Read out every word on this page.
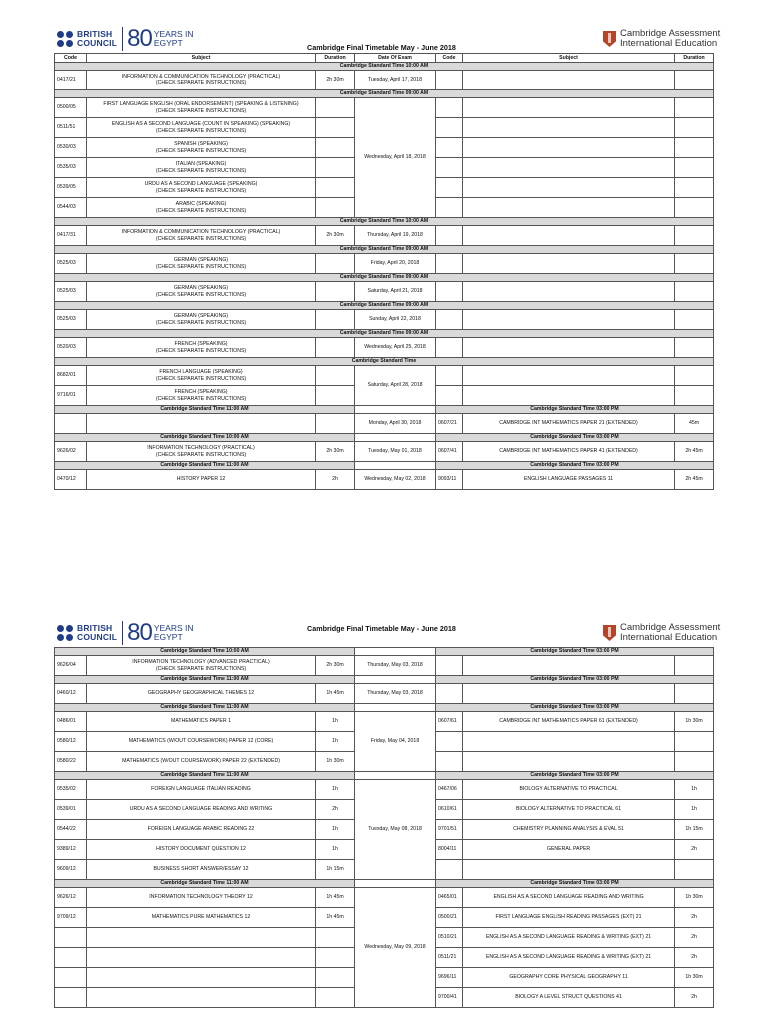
BRITISH
COUNCIL 80 YEARS IN
EGYPT	Cambridge Final Timetable May - June 2018
Cambridge Assessment
International Education
Code	Subject	Duration	Date Of Exam	Code	Subject	Duration
Cambridge Standard Time 10:00 AM						
0417/21	INFORMATION & COMMUNICATION TECHNOLOGY (PRACTICAL)
(CHECK SEPARATE INSTRUCTIONS)	2h 30m	Tuesday, April 17, 2018			
Cambridge Standard Time 09:00 AM						
0500/05	FIRST LANGUAGE ENGLISH (ORAL ENDORSEMENT) (SPEAKING & LISTENING)
(CHECK SEPARATE INSTRUCTIONS)		Wednesday, April 18, 2018			
0511/51	ENGLISH AS A SECOND LANGUAGE (COUNT IN SPEAKING) (SPEAKING)
(CHECK SEPARATE INSTRUCTIONS)					

0530/03	SPANISH (SPEAKING)
(CHECK SEPARATE INSTRUCTIONS)					

0535/03	ITALIAN (SPEAKING)
(CHECK SEPARATE INSTRUCTIONS)					

0539/05	URDU AS A SECOND LANGUAGE (SPEAKING)
(CHECK SEPARATE INSTRUCTIONS)					

0544/03	ARABIC (SPEAKING)
(CHECK SEPARATE INSTRUCTIONS)					

Cambridge Standard Time 10:00 AM						
0417/31	INFORMATION & COMMUNICATION TECHNOLOGY (PRACTICAL)
(CHECK SEPARATE INSTRUCTIONS)	2h 30m	Thursday, April 19, 2018			
Cambridge Standard Time 09:00 AM						
0525/03	GERMAN (SPEAKING)
(CHECK SEPARATE INSTRUCTIONS)		Friday, April 20, 2018			
Cambridge Standard Time 09:00 AM						
0525/03	GERMAN (SPEAKING)
(CHECK SEPARATE INSTRUCTIONS)		Saturday, April 21, 2018			
Cambridge Standard Time 09:00 AM						
0525/03	GERMAN (SPEAKING)
(CHECK SEPARATE INSTRUCTIONS)		Sunday, April 22, 2018			
Cambridge Standard Time 09:00 AM						
0520/03	FRENCH (SPEAKING)
(CHECK SEPARATE INSTRUCTIONS)		Wednesday, April 25, 2018			
Cambridge Standard Time						
8682/01	FRENCH LANGUAGE (SPEAKING)
(CHECK SEPARATE INSTRUCTIONS)		Saturday, April 28, 2018			
9716/01	FRENCH (SPEAKING)
(CHECK SEPARATE INSTRUCTIONS)					

Cambridge Standard Time 11:00 AM				Cambridge Standard Time 03:00 PM		
			Monday, April 30, 2018	0607/21	CAMBRIDGE INT MATHEMATICS PAPER 21 (EXTENDED)	45m
Cambridge Standard Time 10:00 AM				Cambridge Standard Time 03:00 PM		
9626/02	INFORMATION TECHNOLOGY (PRACTICAL)
(CHECK SEPARATE INSTRUCTIONS)	2h 30m	Tuesday, May 01, 2018	0607/41	CAMBRIDGE INT MATHEMATICS PAPER 41 (EXTENDED)	2h 45m
Cambridge Standard Time 11:00 AM				Cambridge Standard Time 03:00 PM		
0470/12	HISTORY PAPER 12	2h	Wednesday, May 02, 2018	9093/11	ENGLISH LANGUAGE PASSAGES 11	2h 45m
BRITISH
COUNCIL 80 YEARS IN
EGYPT
Cambridge Final Timetable May - June 2018	Cambridge Assessment
International Education
Cambridge Standard Time 10:00 AM				Cambridge Standard Time 03:00 PM		
9626/04	INFORMATION TECHNOLOGY (ADVANCED PRACTICAL)
(CHECK SEPARATE INSTRUCTIONS)	2h 30m	Thursday, May 03, 2018			
Cambridge Standard Time 11:00 AM				Cambridge Standard Time 03:00 PM		
0460/12	GEOGRAPHY GEOGRAPHICAL THEMES 12	1h 45m	Thursday, May 03, 2018			
Cambridge Standard Time 11:00 AM				Cambridge Standard Time 03:00 PM		
0486/01	MATHEMATICS PAPER 1	1h	Friday, May 04, 2018	0607/61	CAMBRIDGE INT MATHEMATICS PAPER 61 (EXTENDED)	1h 30m
0580/12	MATHEMATICS (W/OUT COURSEWORK) PAPER 12 (CORE)	1h				
0580/22	MATHEMATICS (W/OUT COURSEWORK) PAPER 22 (EXTENDED)	1h 30m				
Cambridge Standard Time 11:00 AM				Cambridge Standard Time 03:00 PM		
0535/02	FOREIGN LANGUAGE ITALIAN READING	1h	Tuesday, May 08, 2018	0467/06	BIOLOGY ALTERNATIVE TO PRACTICAL	1h
0539/01	URDU AS A SECOND LANGUAGE READING AND WRITING	2h		0610/61	BIOLOGY ALTERNATIVE TO PRACTICAL 61	1h
0544/22	FOREIGN LANGUAGE ARABIC READING 22	1h		9701/51	CHEMISTRY PLANNING ANALYSIS & EVAL 51	1h 15m
9389/12	HISTORY DOCUMENT QUESTION 12	1h		8004/11	GENERAL PAPER	2h
9609/12	BUSINESS SHORT ANSWER/ESSAY 12	1h 15m				
Cambridge Standard Time 11:00 AM				Cambridge Standard Time 03:00 PM		
9626/12	INFORMATION TECHNOLOGY THEORY 12	1h 45m	Wednesday, May 09, 2018	0465/01	ENGLISH AS A SECOND LANGUAGE READING AND WRITING	1h 30m
9709/12	MATHEMATICS PURE MATHEMATICS 12	1h 45m		0500/21	FIRST LANGUAGE ENGLISH READING PASSAGES (EXT) 21	2h
				0510/21	ENGLISH AS A SECOND LANGUAGE READING & WRITING (EXT) 21	2h
				0511/21	ENGLISH AS A SECOND LANGUAGE READING & WRITING (EXT) 21	2h
				9696/11	GEOGRAPHY CORE PHYSICAL GEOGRAPHY 11	1h 30m
				9700/41	BIOLOGY A LEVEL STRUCT QUESTIONS 41	2h
